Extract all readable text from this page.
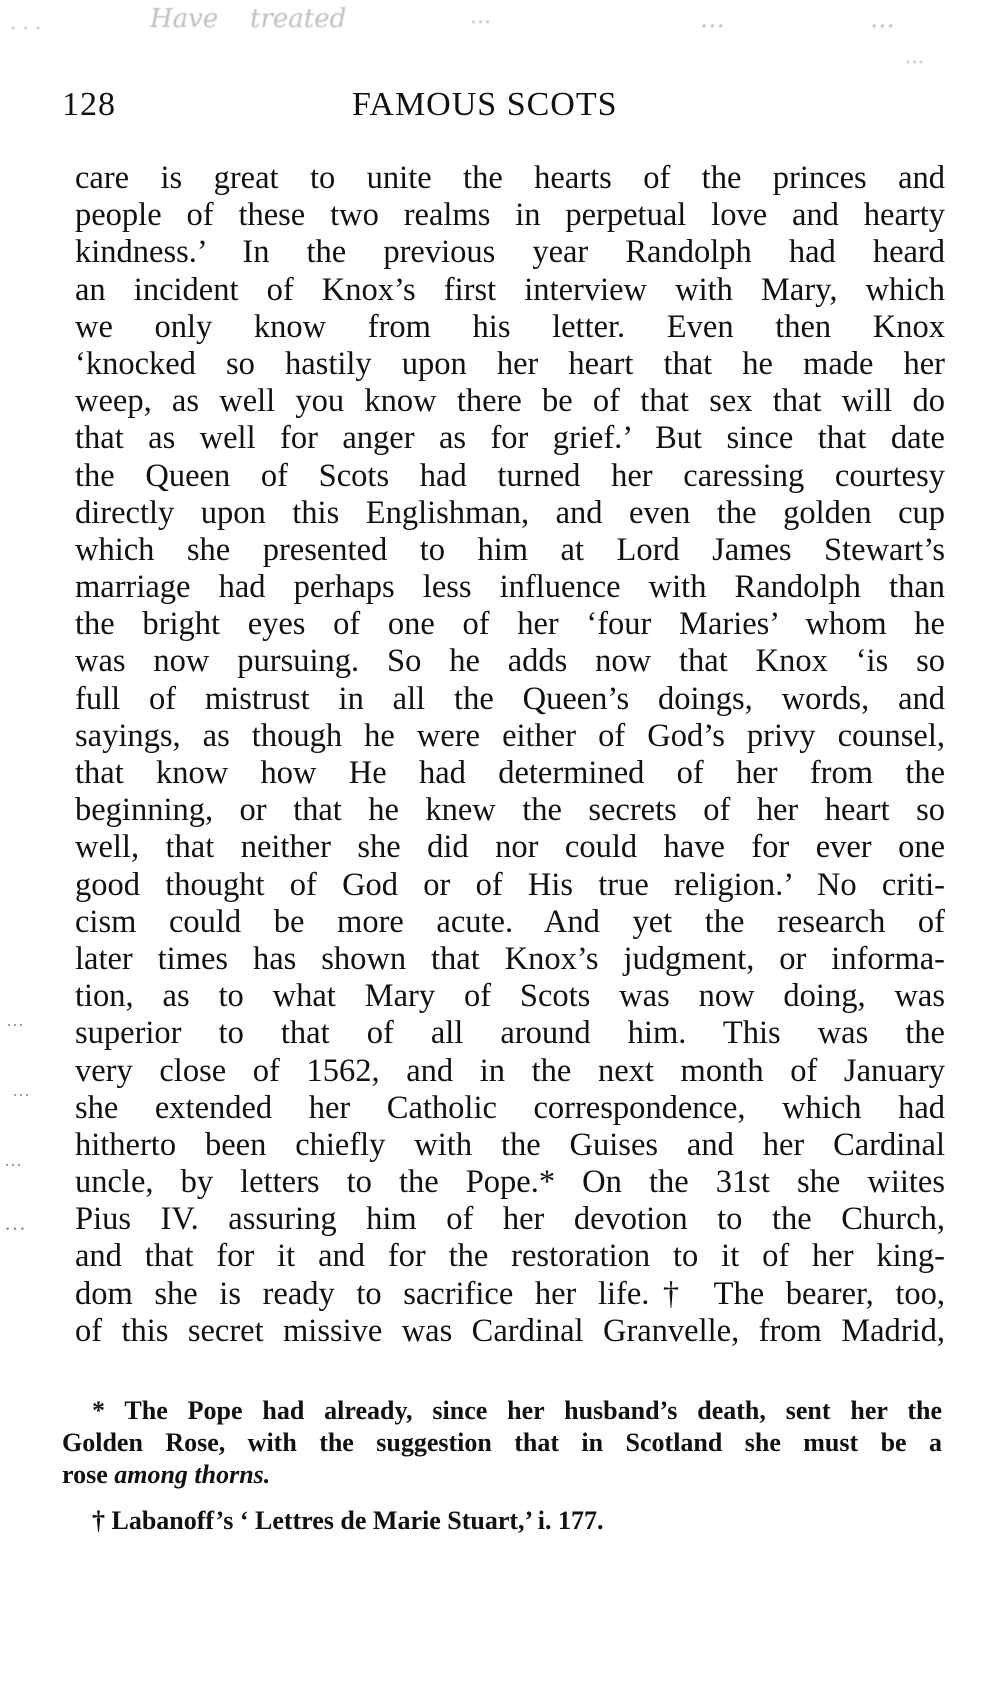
...	Have treated	...	...	...
...
128	FAMOUS SCOTS
care is great to unite the hearts of the princes and
people of these two realms in perpetual love and hearty
kindness.’ In the previous year Randolph had heard
an incident of Knox’s first interview with Mary, which
we only know from his letter. Even then Knox
‘knocked so hastily upon her heart that he made her
weep, as well you know there be of that sex that will do
that as well for anger as for grief.’ But since that date
the Queen of Scots had turned her caressing courtesy
directly upon this Englishman, and even the golden cup
which she presented to him at Lord James Stewart’s
marriage had perhaps less influence with Randolph than
the bright eyes of one of her ‘four Maries’ whom he
was now pursuing. So he adds now that Knox ‘is so
full of mistrust in all the Queen’s doings, words, and
sayings, as though he were either of God’s privy counsel,
that know how He had determined of her from the
beginning, or that he knew the secrets of her heart so
well, that neither she did nor could have for ever one
good thought of God or of His true religion.’ No criti-
cism could be more acute. And yet the research of
later times has shown that Knox’s judgment, or informa-
tion, as to what Mary of Scots was now doing, was
superior to that of all around him. This was the
very close of 1562, and in the next month of January
she extended her Catholic correspondence, which had
hitherto been chiefly with the Guises and her Cardinal
uncle, by letters to the Pope.* On the 31st she wiites
Pius IV. assuring him of her devotion to the Church,
and that for it and for the restoration to it of her king-
dom she is ready to sacrifice her life.† The bearer, too,
of this secret missive was Cardinal Granvelle, from Madrid,
…
…
…
…
* The Pope had already, since her husband’s death, sent her the
Golden Rose, with the suggestion that in Scotland she must be a
rose among thorns.
† Labanoff’s ‘ Lettres de Marie Stuart,’ i. 177.
